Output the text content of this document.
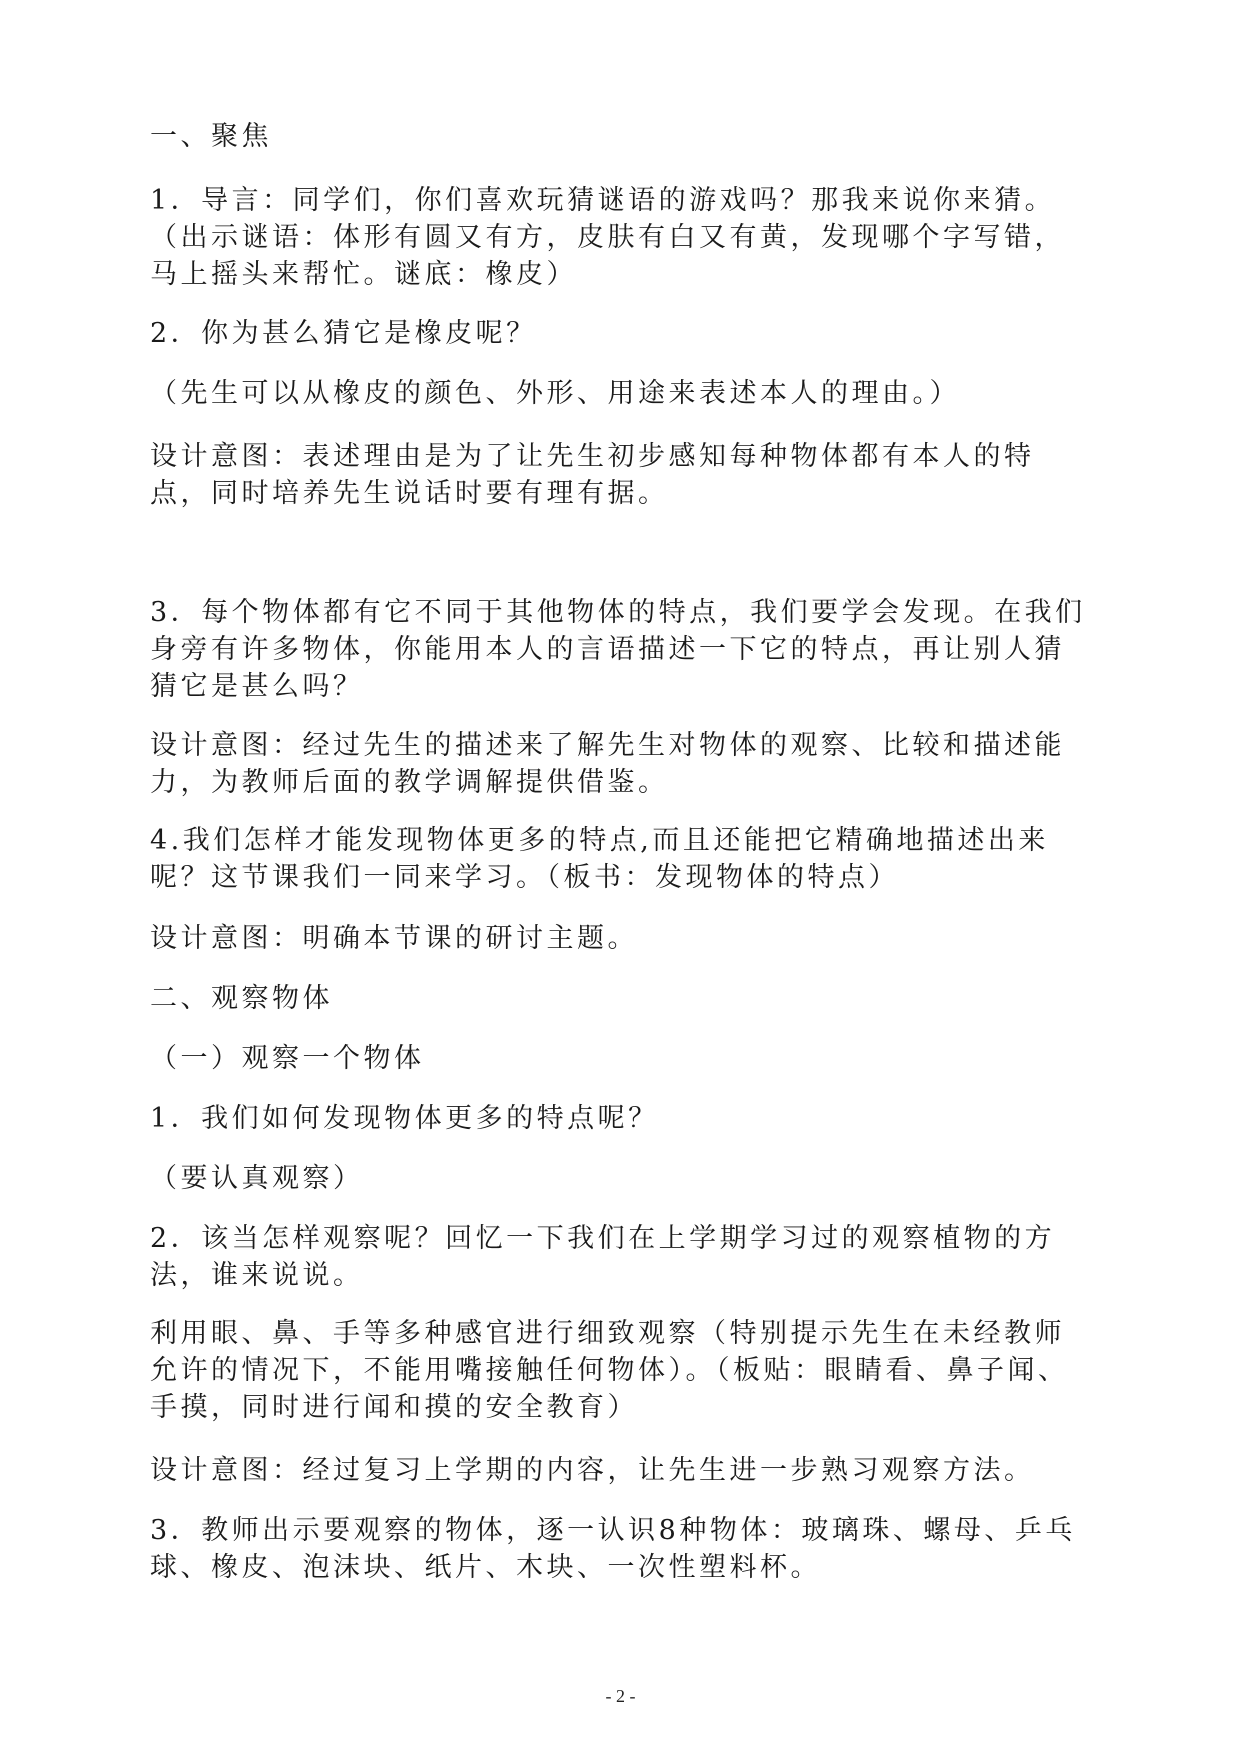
一、聚焦

1．导言：同学们，你们喜欢玩猜谜语的游戏吗？那我来说你来猜。（出示谜语：体形有圆又有方，皮肤有白又有黄，发现哪个字写错，马上摇头来帮忙。谜底：橡皮）

2．你为甚么猜它是橡皮呢？

（先生可以从橡皮的颜色、外形、用途来表述本人的理由。）

设计意图：表述理由是为了让先生初步感知每种物体都有本人的特点，同时培养先生说话时要有理有据。

3．每个物体都有它不同于其他物体的特点，我们要学会发现。在我们身旁有许多物体，你能用本人的言语描述一下它的特点，再让别人猜猜它是甚么吗？

设计意图：经过先生的描述来了解先生对物体的观察、比较和描述能力，为教师后面的教学调解提供借鉴。

4.我们怎样才能发现物体更多的特点,而且还能把它精确地描述出来呢？这节课我们一同来学习。（板书：发现物体的特点）

设计意图：明确本节课的研讨主题。

二、观察物体

（一）观察一个物体

1．我们如何发现物体更多的特点呢？

（要认真观察）

2．该当怎样观察呢？回忆一下我们在上学期学习过的观察植物的方法，谁来说说。

利用眼、鼻、手等多种感官进行细致观察（特别提示先生在未经教师允许的情况下，不能用嘴接触任何物体）。（板贴：眼睛看、鼻子闻、手摸，同时进行闻和摸的安全教育）

设计意图：经过复习上学期的内容，让先生进一步熟习观察方法。

3．教师出示要观察的物体，逐一认识8种物体：玻璃珠、螺母、乒乓球、橡皮、泡沫块、纸片、木块、一次性塑料杯。

- 2 -
